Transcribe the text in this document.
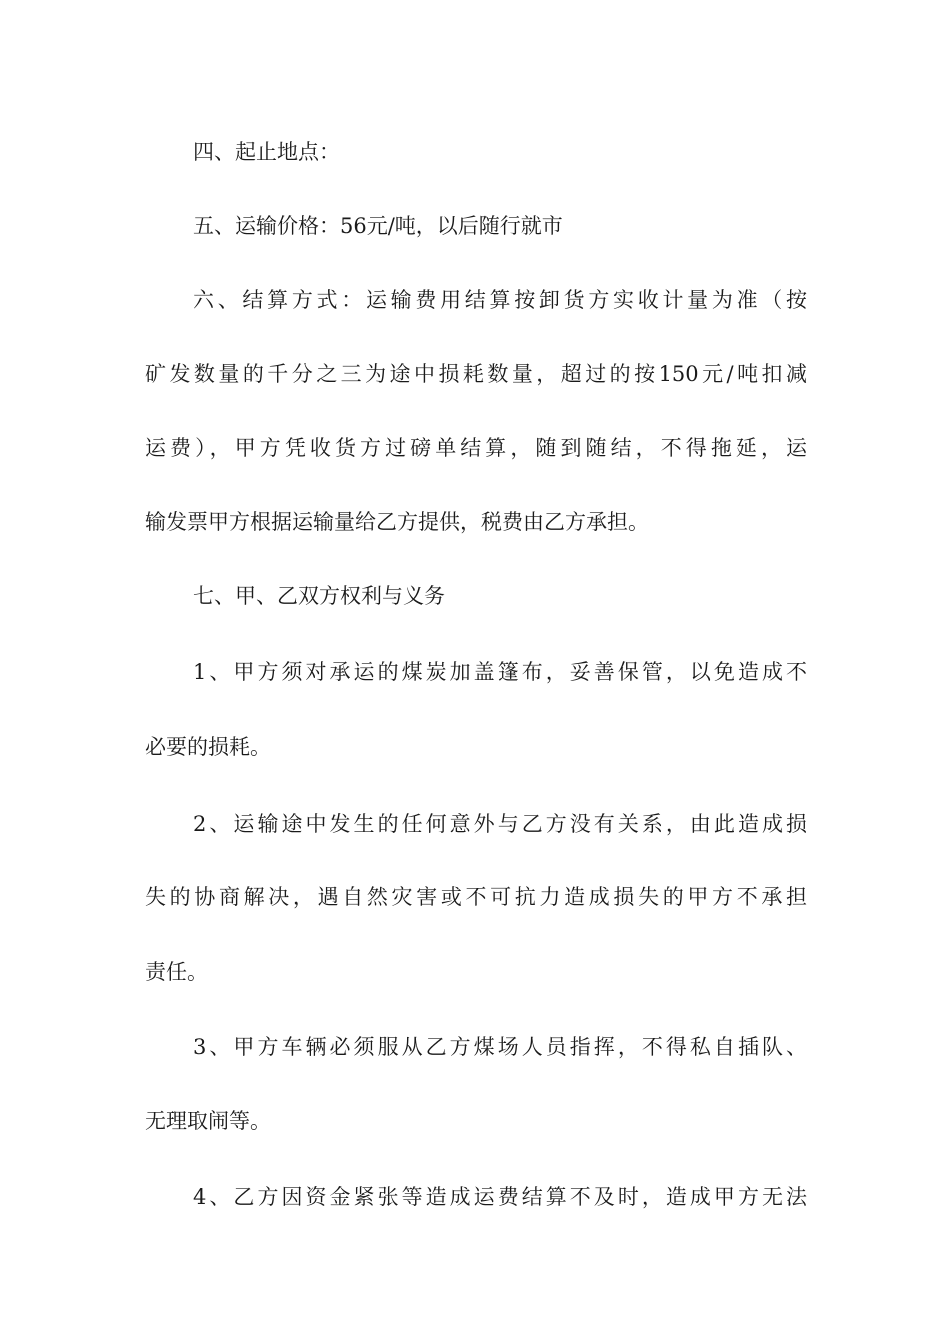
四、起止地点：
五、运输价格：56元/吨，以后随行就市
六、结算方式：运输费用结算按卸货方实收计量为准（按
矿发数量的千分之三为途中损耗数量，超过的按150元/吨扣减
运费），甲方凭收货方过磅单结算，随到随结，不得拖延，运
输发票甲方根据运输量给乙方提供，税费由乙方承担。
七、甲、乙双方权利与义务
1、甲方须对承运的煤炭加盖篷布，妥善保管，以免造成不
必要的损耗。
2、运输途中发生的任何意外与乙方没有关系，由此造成损
失的协商解决，遇自然灾害或不可抗力造成损失的甲方不承担
责任。
3、甲方车辆必须服从乙方煤场人员指挥，不得私自插队、
无理取闹等。
4、乙方因资金紧张等造成运费结算不及时，造成甲方无法
